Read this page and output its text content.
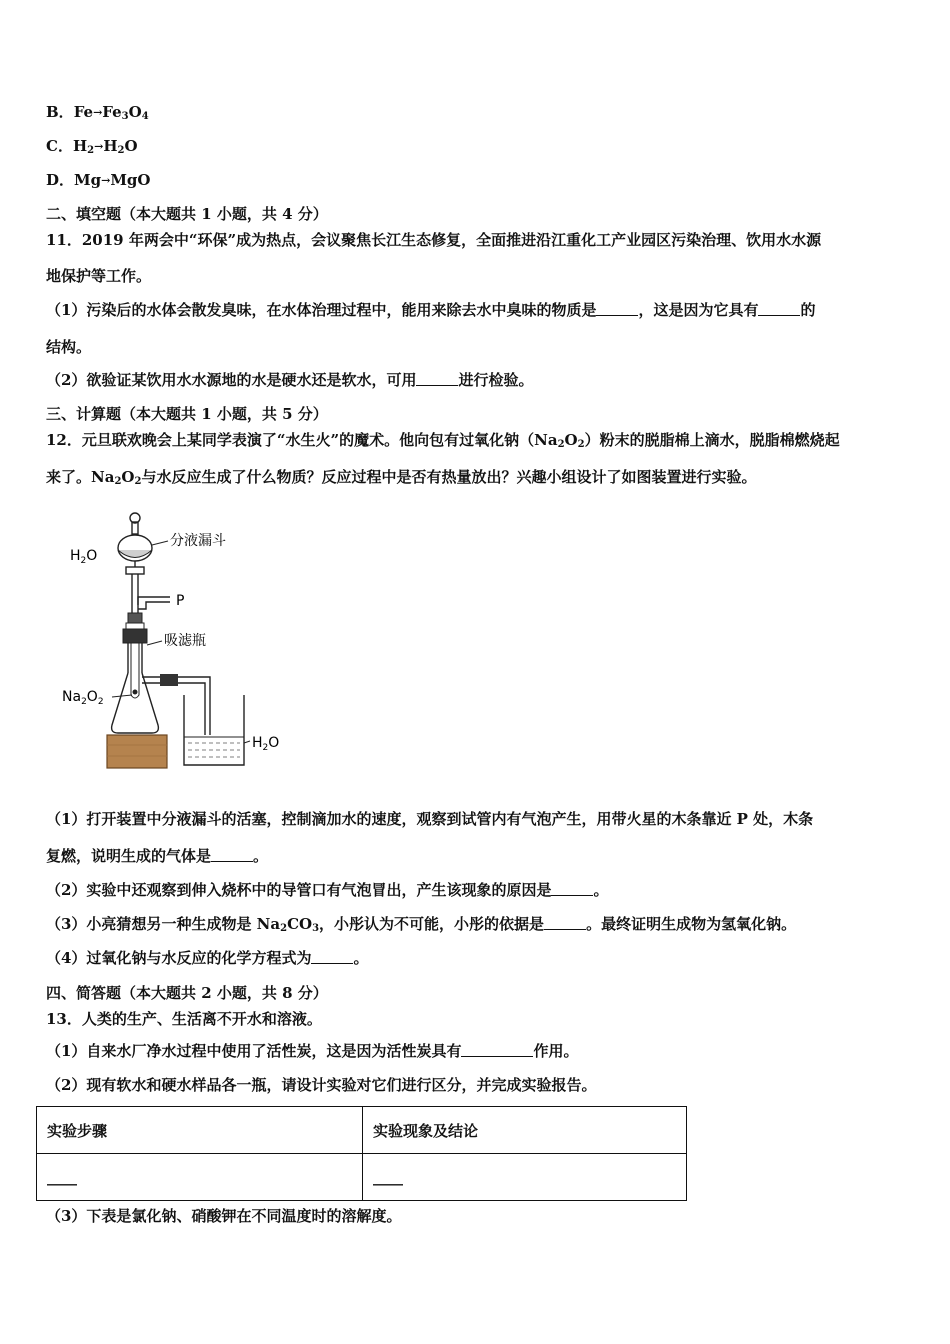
B．$Fe\to Fe_3O_4$
C．$H_2\to H_2O$
D．Mg→MgO
二、填空题（本大题共 1 小题，共 4 分）
11．2019 年两会中“环保”成为热点，会议聚焦长江生态修复，全面推进沿江重化工产业园区污染治理、饮用水水源
地保护等工作。
（1）污染后的水体会散发臭味，在水体治理过程中，能用来除去水中臭味的物质是	，这是因为它具有	的
结构。
（2）欲验证某饮用水水源地的水是硬水还是软水，可用	进行检验。
三、计算题（本大题共 1 小题，共 5 分）
12．元旦联欢晚会上某同学表演了“水生火”的魔术。他向包有过氧化钠$(Na_2O_2)$粉末的脱脂棉上滴水，脱脂棉燃烧起
来了。$Na_2O_2$与水反应生成了什么物质？反应过程中是否有热量放出？兴趣小组设计了如图装置进行实验。
$H_2O$
分液漏斗
P
吸滤瓶
$Na_2O_2$
$H_2O$
（1）打开装置中分液漏斗的活塞，控制滴加水的速度，观察到试管内有气泡产生，用带火星的木条靠近 P 处，木条
复燃，说明生成的气体是	。
（2）实验中还观察到伸入烧杯中的导管口有气泡冒出，产生该现象的原因是	。
（3）小亮猜想另一种生成物是 $Na_2CO_3$，小彤认为不可能，小彤的依据是	。最终证明生成物为氢氧化钠。
（4）过氧化钠与水反应的化学方程式为	。
四、简答题（本大题共 2 小题，共 8 分）
13．人类的生产、生活离不开水和溶液。
（1）自来水厂净水过程中使用了活性炭，这是因为活性炭具有	作用。
（2）现有软水和硬水样品各一瓶，请设计实验对它们进行区分，并完成实验报告。
实验步骤	实验现象及结论
____	____
（3）下表是氯化钠、硝酸钾在不同温度时的溶解度。
